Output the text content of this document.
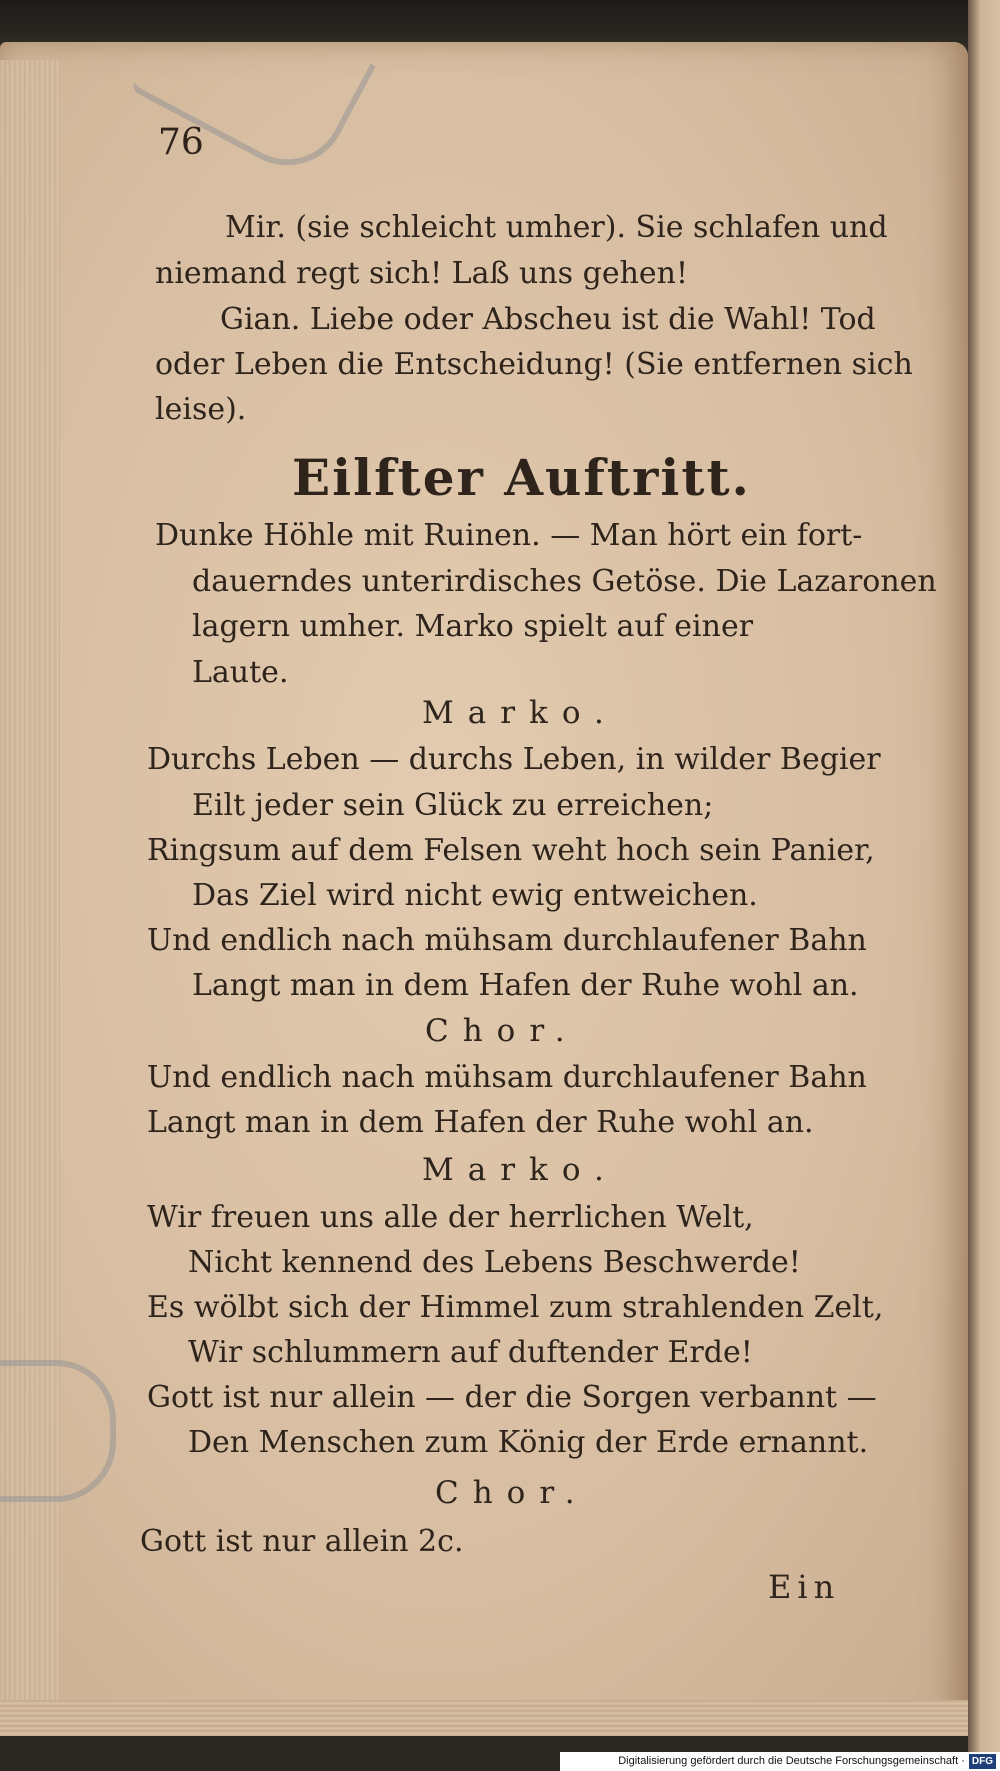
76
Mir. (sie schleicht umher). Sie schlafen und
niemand regt sich! Laß uns gehen!
Gian. Liebe oder Abscheu ist die Wahl! Tod
oder Leben die Entscheidung! (Sie entfernen sich
leise).
Eilfter Auftritt.
Dunke Höhle mit Ruinen. — Man hört ein fort-
dauerndes unterirdisches Getöse. Die Lazaronen
lagern umher. Marko spielt auf einer
Laute.
Marko.
Durchs Leben — durchs Leben, in wilder Begier
Eilt jeder sein Glück zu erreichen;
Ringsum auf dem Felsen weht hoch sein Panier,
Das Ziel wird nicht ewig entweichen.
Und endlich nach mühsam durchlaufener Bahn
Langt man in dem Hafen der Ruhe wohl an.
Chor.
Und endlich nach mühsam durchlaufener Bahn
Langt man in dem Hafen der Ruhe wohl an.
Marko.
Wir freuen uns alle der herrlichen Welt,
Nicht kennend des Lebens Beschwerde!
Es wölbt sich der Himmel zum strahlenden Zelt,
Wir schlummern auf duftender Erde!
Gott ist nur allein — der die Sorgen verbannt —
Den Menschen zum König der Erde ernannt.
Chor.
Gott ist nur allein 2c.
Ein
Digitalisierung gefördert durch die Deutsche Forschungsgemeinschaft · DFG
